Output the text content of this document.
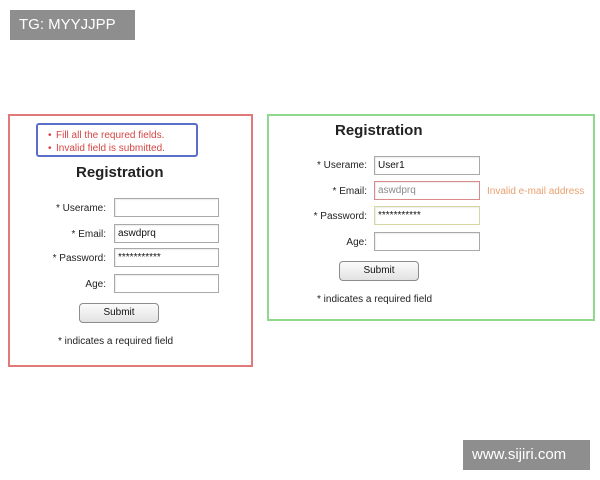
TG: MYYJJPP
www.sijiri.com
• Fill all the requred fields.
• Invalid field is submitted.
Registration
* Userame:
* Email:
aswdprq
* Password:
***********
Age:
Submit
* indicates a required field
Registration
* Userame:
User1
* Email:
aswdprq	Invalid e-mail address
* Password:
***********
Age:
Submit
* indicates a required field
